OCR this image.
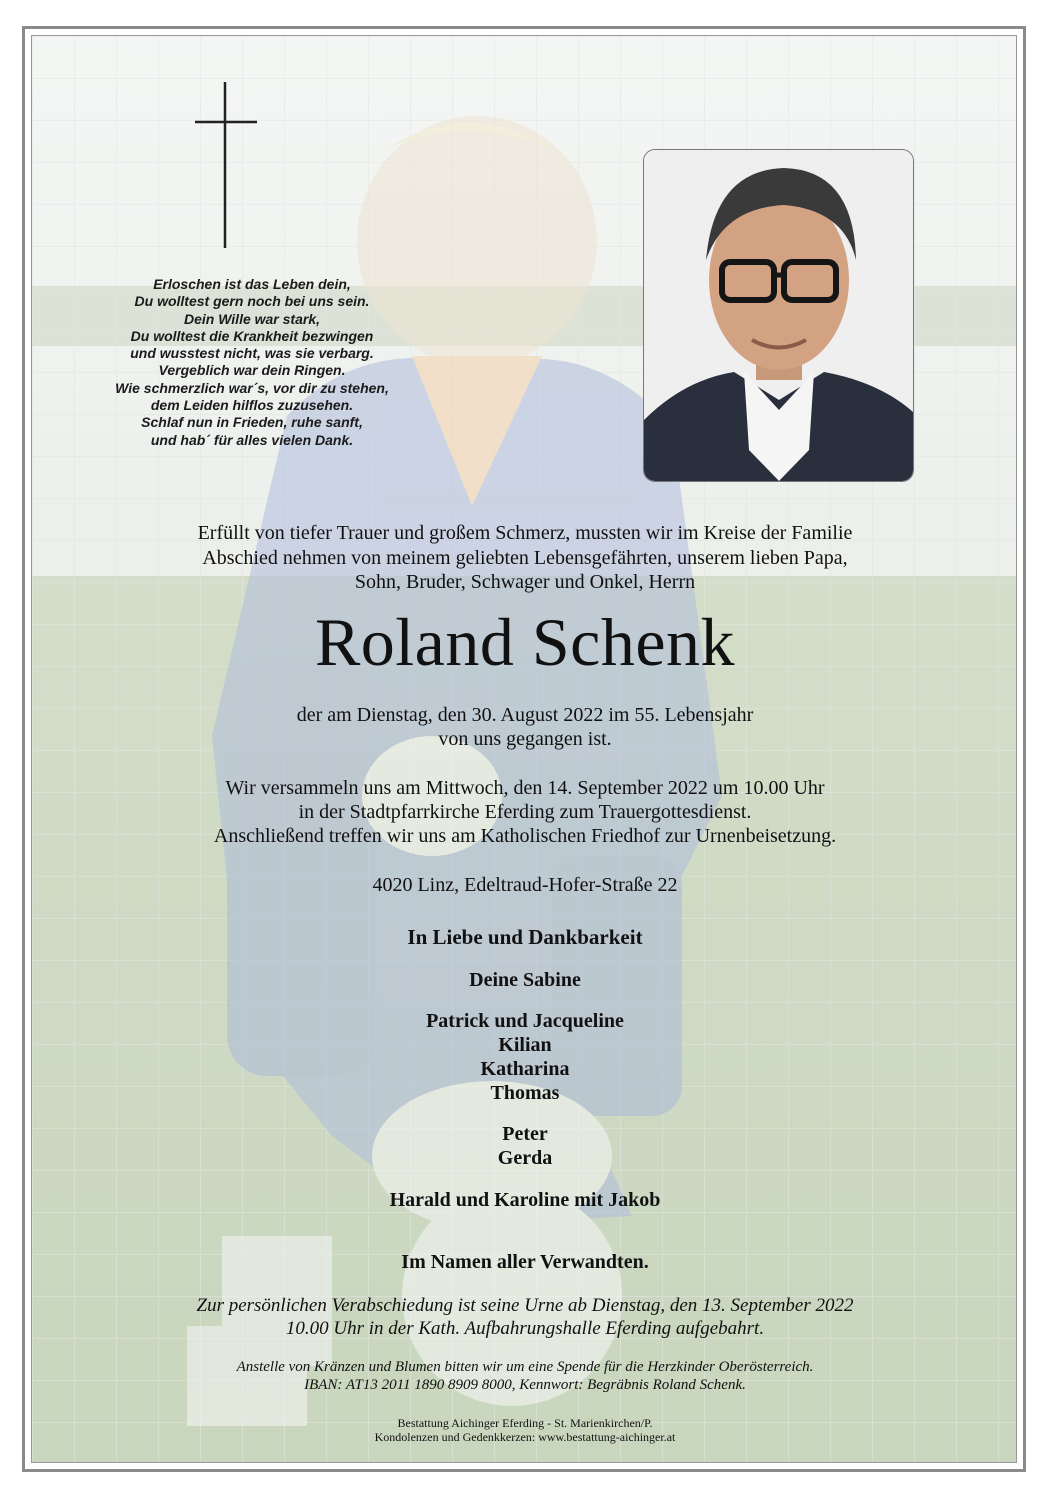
Erloschen ist das Leben dein,
Du wolltest gern noch bei uns sein.
Dein Wille war stark,
Du wolltest die Krankheit bezwingen
und wusstest nicht, was sie verbarg.
Vergeblich war dein Ringen.
Wie schmerzlich war´s, vor dir zu stehen,
dem Leiden hilflos zuzusehen.
Schlaf nun in Frieden, ruhe sanft,
und hab´ für alles vielen Dank.
Erfüllt von tiefer Trauer und großem Schmerz, mussten wir im Kreise der Familie
Abschied nehmen von meinem geliebten Lebensgefährten, unserem lieben Papa,
Sohn, Bruder, Schwager und Onkel, Herrn
Roland Schenk
der am Dienstag, den 30. August 2022 im 55. Lebensjahr
von uns gegangen ist.
Wir versammeln uns am Mittwoch, den 14. September 2022 um 10.00 Uhr
in der Stadtpfarrkirche Eferding zum Trauergottesdienst.
Anschließend treffen wir uns am Katholischen Friedhof zur Urnenbeisetzung.
4020 Linz, Edeltraud-Hofer-Straße 22
In Liebe und Dankbarkeit
Deine Sabine
Patrick und Jacqueline
Kilian
Katharina
Thomas
Peter
Gerda
Harald und Karoline mit Jakob
Im Namen aller Verwandten.
Zur persönlichen Verabschiedung ist seine Urne ab Dienstag, den 13. September 2022
10.00 Uhr in der Kath. Aufbahrungshalle Eferding aufgebahrt.
Anstelle von Kränzen und Blumen bitten wir um eine Spende für die Herzkinder Oberösterreich.
IBAN: AT13 2011 1890 8909 8000, Kennwort: Begräbnis Roland Schenk.
Bestattung Aichinger Eferding - St. Marienkirchen/P.
Kondolenzen und Gedenkkerzen: www.bestattung-aichinger.at
